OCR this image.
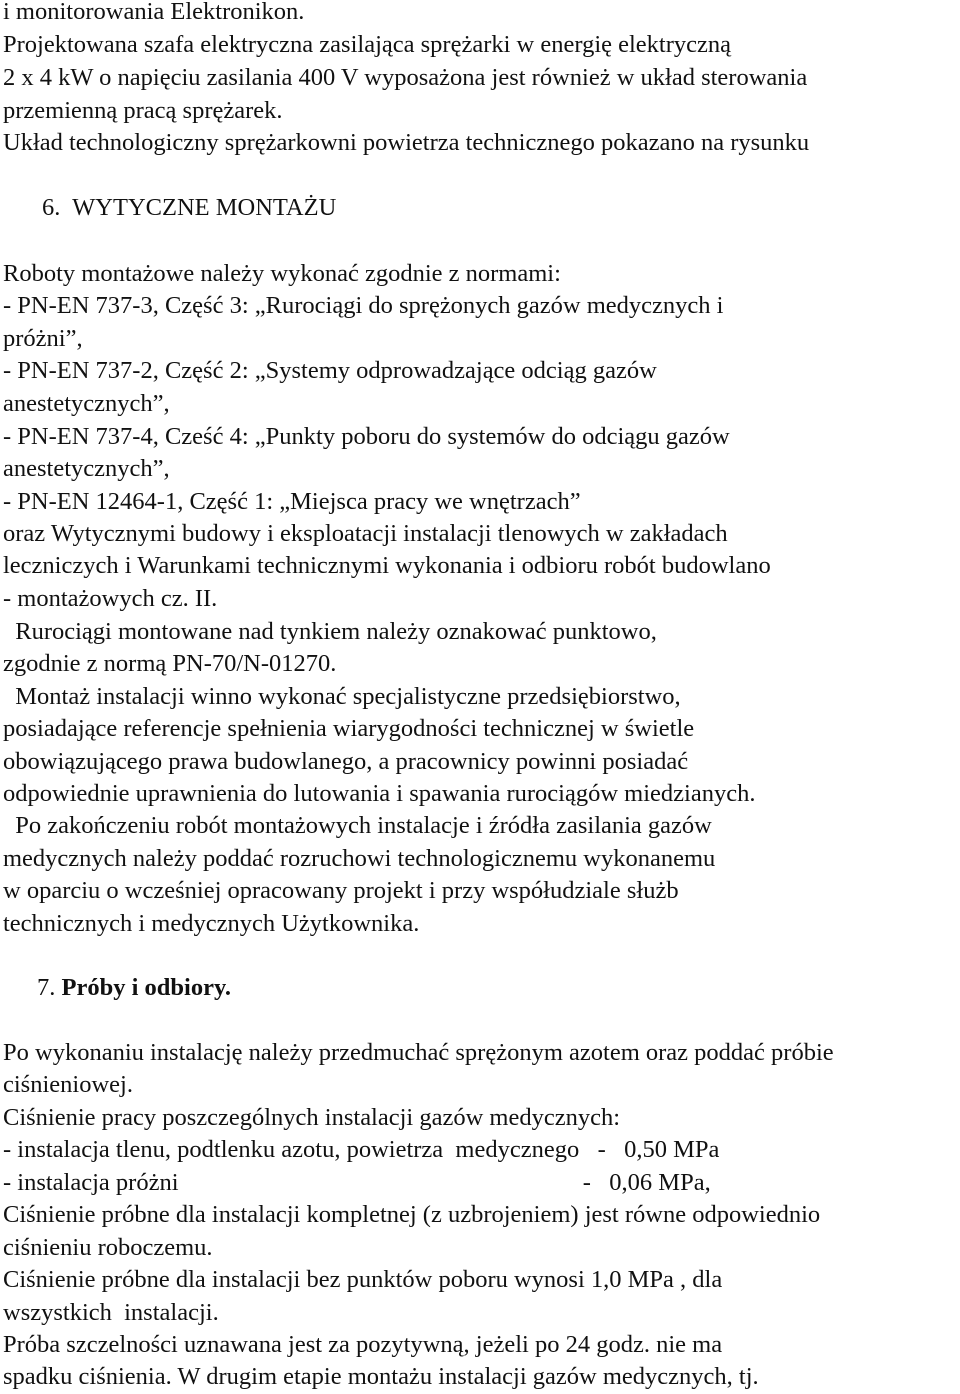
i monitorowania Elektronikon.

Projektowana szafa elektryczna zasilająca sprężarki w energię elektryczną

2 x 4 kW o napięciu zasilania 400 V wyposażona jest również w układ sterowania

przemienną pracą sprężarek.

Układ technologiczny sprężarkowni powietrza technicznego pokazano na rysunku

6.  WYTYCZNE MONTAŻU

Roboty montażowe należy wykonać zgodnie z normami:

- PN-EN 737-3, Część 3: „Rurociągi do sprężonych gazów medycznych i

próżni”,

- PN-EN 737-2, Część 2: „Systemy odprowadzające odciąg gazów

anestetycznych”,

- PN-EN 737-4, Cześć 4: „Punkty poboru do systemów do odciągu gazów

anestetycznych”,

- PN-EN 12464-1, Część 1: „Miejsca pracy we wnętrzach”

oraz Wytycznymi budowy i eksploatacji instalacji tlenowych w zakładach

leczniczych i Warunkami technicznymi wykonania i odbioru robót budowlano

- montażowych cz. II.

Rurociągi montowane nad tynkiem należy oznakować punktowo,

zgodnie z normą PN-70/N-01270.

Montaż instalacji winno wykonać specjalistyczne przedsiębiorstwo,

posiadające referencje spełnienia wiarygodności technicznej w świetle

obowiązującego prawa budowlanego, a pracownicy powinni posiadać

odpowiednie uprawnienia do lutowania i spawania rurociągów miedzianych.

Po zakończeniu robót montażowych instalacje i źródła zasilania gazów

medycznych należy poddać rozruchowi technologicznemu wykonanemu

w oparciu o wcześniej opracowany projekt i przy współudziale służb

technicznych i medycznych Użytkownika.

7. Próby i odbiory.

Po wykonaniu instalację należy przedmuchać sprężonym azotem oraz poddać próbie

ciśnieniowej.

Ciśnienie pracy poszczególnych instalacji gazów medycznych:

- instalacja tlenu, podtlenku azotu, powietrza  medycznego   -   0,50 MPa

- instalacja próżni                                                                  -   0,06 MPa,

Ciśnienie próbne dla instalacji kompletnej (z uzbrojeniem) jest równe odpowiednio

ciśnieniu roboczemu.

Ciśnienie próbne dla instalacji bez punktów poboru wynosi 1,0 MPa , dla

wszystkich  instalacji.

Próba szczelności uznawana jest za pozytywną, jeżeli po 24 godz. nie ma

spadku ciśnienia. W drugim etapie montażu instalacji gazów medycznych, tj.
